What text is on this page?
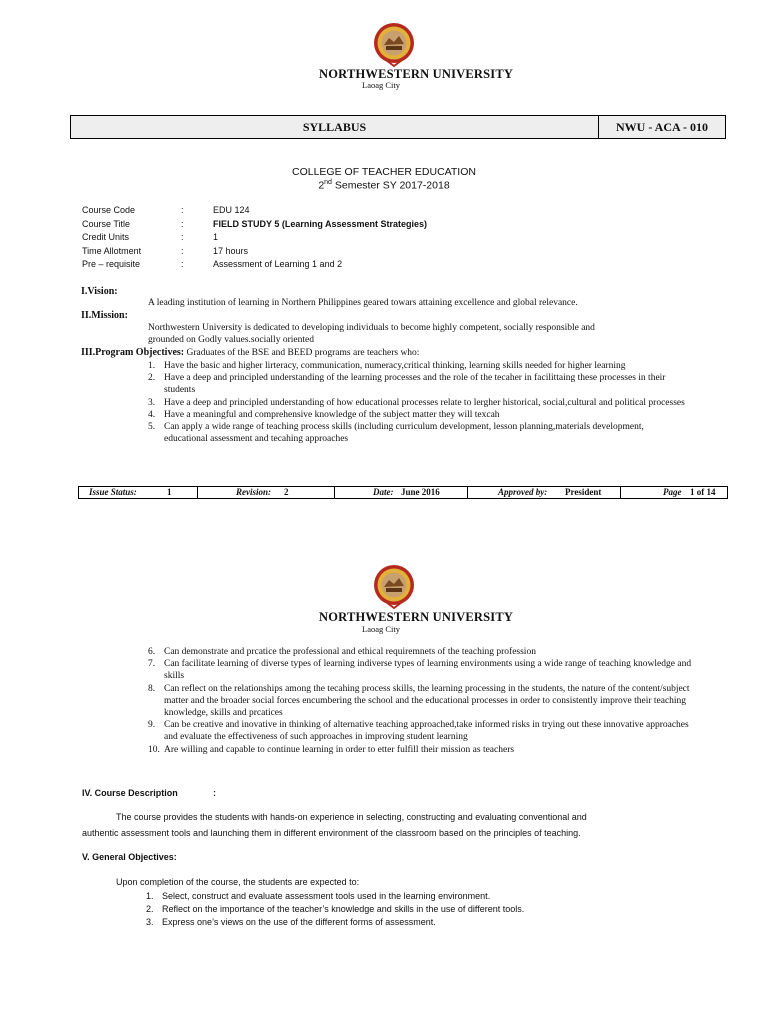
NORTHWESTERN UNIVERSITY
Laoag City
SYLLABUS	NWU - ACA - 010
COLLEGE OF TEACHER EDUCATION
2nd Semester SY 2017-2018
Course Code	:	EDU 124
Course Title	:	FIELD STUDY 5 (Learning Assessment Strategies)
Credit Units	:	1
Time Allotment	:	17 hours
Pre – requisite	:	Assessment of Learning 1 and 2
I.Vision:
A leading institution of learning in Northern Philippines geared towars attaining excellence and global relevance.
II.Mission:
Northwestern University is dedicated to developing individuals to become highly competent, socially responsible and
grounded on Godly values.socially oriented
III.Program Objectives: Graduates of the BSE and BEED programs are teachers who:
1. Have the basic and higher lirteracy, communication, numeracy,critical thinking, learning skills needed for higher learning
2. Have a deep and principled understanding of the learning processes and the role of the tecaher in facilittaing these processes in their students
3. Have a deep and principled understanding of how educational processes relate to lergher historical, social,cultural and political processes
4. Have a meaningful and comprehensive knowledge of the subject matter they will texcah
5. Can apply a wide range of teaching process skills (including curriculum development, lesson planning,materials development, educational assessment and tecahing approaches
Issue Status:	1	Revision: 2	Date: June 2016	Approved by: President	Page 1 of 14
NORTHWESTERN UNIVERSITY
Laoag City
6. Can demonstrate and prcatice the professional and ethical requiremnets of the teaching profession
7. Can facilitate learning of diverse types of learning indiverse types of learning environments using a wide range of teaching knowledge and skills
8. Can reflect on the relationships among the tecahing process skills, the learning processing in the students, the nature of the content/subject matter and the broader social forces encumbering the school and the educational processes in order to consistently improve their teaching knowledge, skills and prcatices
9. Can be creative and inovative in thinking of alternative teaching approached,take informed risks in trying out these innovative approaches and evaluate the effectiveness of such approaches in improving student learning
10. Are willing and capable to continue learning in order to etter fulfill their mission as teachers
IV. Course Description	:
The course provides the students with hands-on experience in selecting, constructing and evaluating conventional and
authentic assessment tools and launching them in different environment of the classroom based on the principles of teaching.
V. General Objectives:
Upon completion of the course, the students are expected to:
1. Select, construct and evaluate assessment tools used in the learning environment.
2. Reflect on the importance of the teacher’s knowledge and skills in the use of different tools.
3. Express one’s views on the use of the different forms of assessment.
